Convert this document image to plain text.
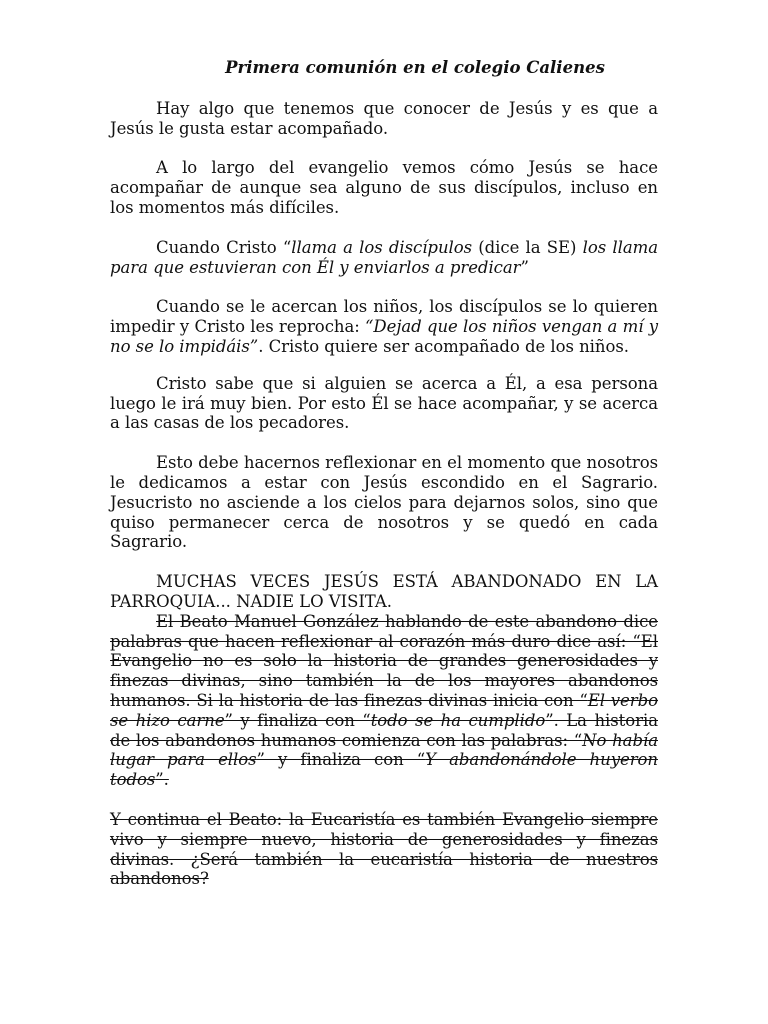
Primera comunión en el colegio Calienes

Hay algo que tenemos que conocer de Jesús y es que a Jesús le gusta estar acompañado.

A lo largo del evangelio vemos cómo Jesús se hace acompañar de aunque sea alguno de sus discípulos, incluso en los momentos más difíciles.

Cuando Cristo “llama a los discípulos (dice la SE) los llama para que estuvieran con Él y enviarlos a predicar”

Cuando se le acercan los niños, los discípulos se lo quieren impedir y Cristo les reprocha: “Dejad que los niños vengan a mí y no se lo impidáis”. Cristo quiere ser acompañado de los niños.

Cristo sabe que si alguien se acerca a Él, a esa persona luego le irá muy bien. Por esto Él se hace acompañar, y se acerca a las casas de los pecadores.

Esto debe hacernos reflexionar en el momento que nosotros le dedicamos a estar con Jesús escondido en el Sagrario. Jesucristo no asciende a los cielos para dejarnos solos, sino que quiso permanecer cerca de nosotros y se quedó en cada Sagrario.

MUCHAS VECES JESÚS ESTÁ ABANDONADO EN LA PARROQUIA... NADIE LO VISITA.

El Beato Manuel González hablando de este abandono dice palabras que hacen reflexionar al corazón más duro dice así: “El Evangelio no es solo la historia de grandes generosidades y finezas divinas, sino también la de los mayores abandonos humanos. Si la historia de las finezas divinas inicia con “El verbo se hizo carne” y finaliza con “todo se ha cumplido”. La historia de los abandonos humanos comienza con las palabras: “No había lugar para ellos” y finaliza con “Y abandonándole huyeron todos”.

Y continua el Beato: la Eucaristía es también Evangelio siempre vivo y siempre nuevo, historia de generosidades y finezas divinas. ¿Será también la eucaristía historia de nuestros abandonos?
